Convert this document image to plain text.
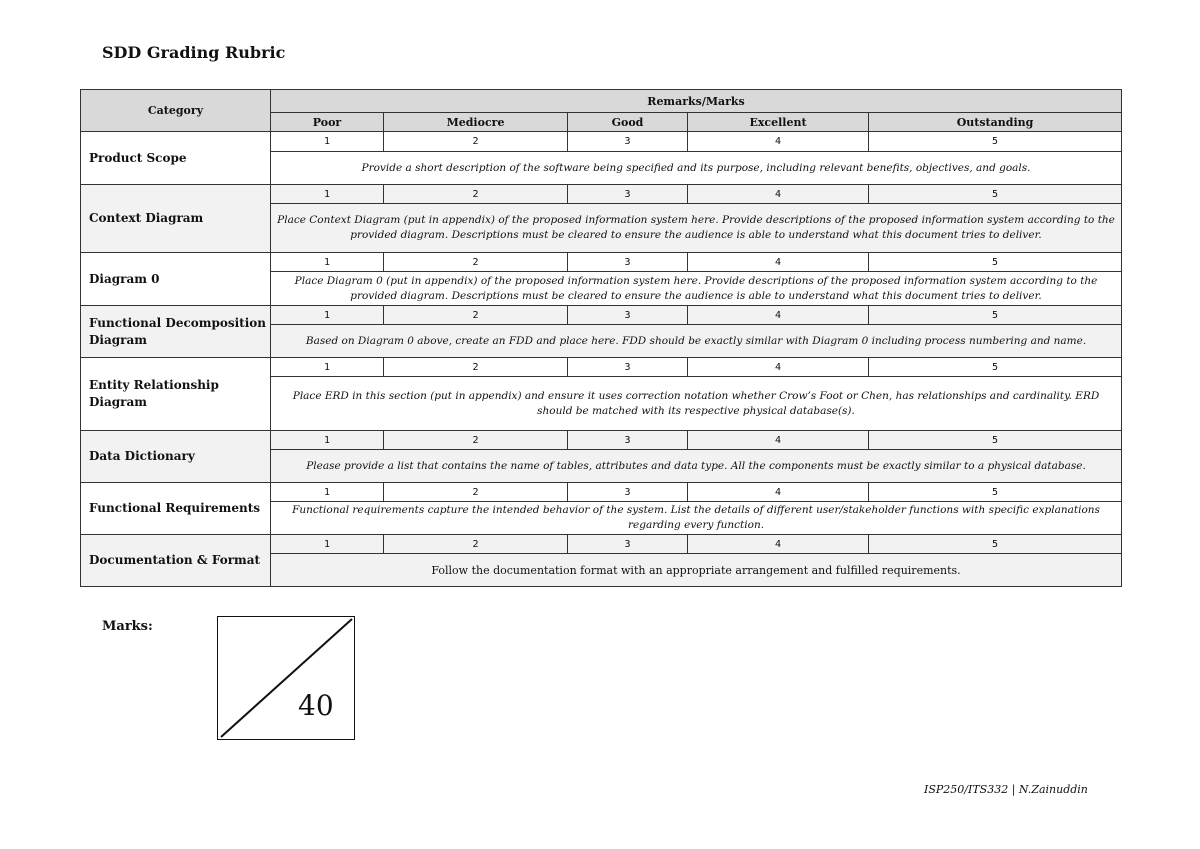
SDD Grading Rubric
Category	Remarks/Marks				
	Poor	Mediocre	Good	Excellent	Outstanding
Product Scope	1	2	3	4	5
	Provide a short description of the software being specified and its purpose, including relevant benefits, objectives, and goals.				
Context Diagram	1	2	3	4	5
	Place Context Diagram (put in appendix) of the proposed information system here. Provide descriptions of the proposed information system according to the provided diagram. Descriptions must be cleared to ensure the audience is able to understand what this document tries to deliver.				
Diagram 0	1	2	3	4	5
	Place Diagram 0 (put in appendix) of the proposed information system here. Provide descriptions of the proposed information system according to the provided diagram. Descriptions must be cleared to ensure the audience is able to understand what this document tries to deliver.				
Functional Decomposition Diagram	1	2	3	4	5
	Based on Diagram 0 above, create an FDD and place here. FDD should be exactly similar with Diagram 0 including process numbering and name.				
Entity Relationship Diagram	1	2	3	4	5
	Place ERD in this section (put in appendix) and ensure it uses correction notation whether Crow’s Foot or Chen, has relationships and cardinality. ERD should be matched with its respective physical database(s).				
Data Dictionary	1	2	3	4	5
	Please provide a list that contains the name of tables, attributes and data type. All the components must be exactly similar to a physical database.				
Functional Requirements	1	2	3	4	5
	Functional requirements capture the intended behavior of the system. List the details of different user/stakeholder functions with specific explanations regarding every function.				
Documentation & Format	1	2	3	4	5
	Follow the documentation format with an appropriate arrangement and fulfilled requirements.				
Marks:
40
ISP250/ITS332 | N.Zainuddin
